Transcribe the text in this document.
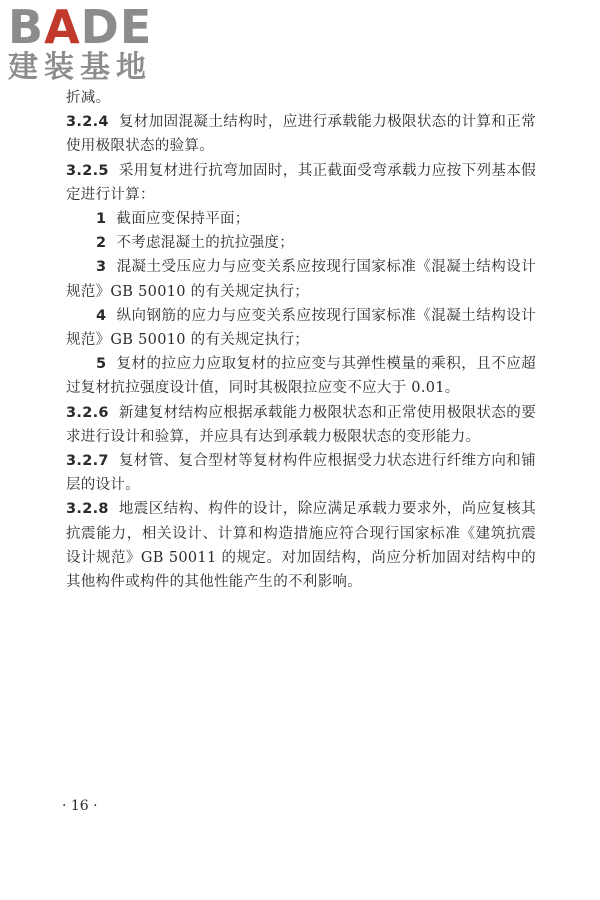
BADE
建装基地

折减。

3.2.4 复材加固混凝土结构时，应进行承载能力极限状态的计算和正常使用极限状态的验算。

3.2.5 采用复材进行抗弯加固时，其正截面受弯承载力应按下列基本假定进行计算：

1 截面应变保持平面；

2 不考虑混凝土的抗拉强度；

3 混凝土受压应力与应变关系应按现行国家标准《混凝土结构设计规范》GB 50010 的有关规定执行；

4 纵向钢筋的应力与应变关系应按现行国家标准《混凝土结构设计规范》GB 50010 的有关规定执行；

5 复材的拉应力应取复材的拉应变与其弹性模量的乘积，且不应超过复材抗拉强度设计值，同时其极限拉应变不应大于 0.01。

3.2.6 新建复材结构应根据承载能力极限状态和正常使用极限状态的要求进行设计和验算，并应具有达到承载力极限状态的变形能力。

3.2.7 复材管、复合型材等复材构件应根据受力状态进行纤维方向和铺层的设计。

3.2.8 地震区结构、构件的设计，除应满足承载力要求外，尚应复核其抗震能力，相关设计、计算和构造措施应符合现行国家标准《建筑抗震设计规范》GB 50011 的规定。对加固结构，尚应分析加固对结构中的其他构件或构件的其他性能产生的不利影响。

· 16 ·
